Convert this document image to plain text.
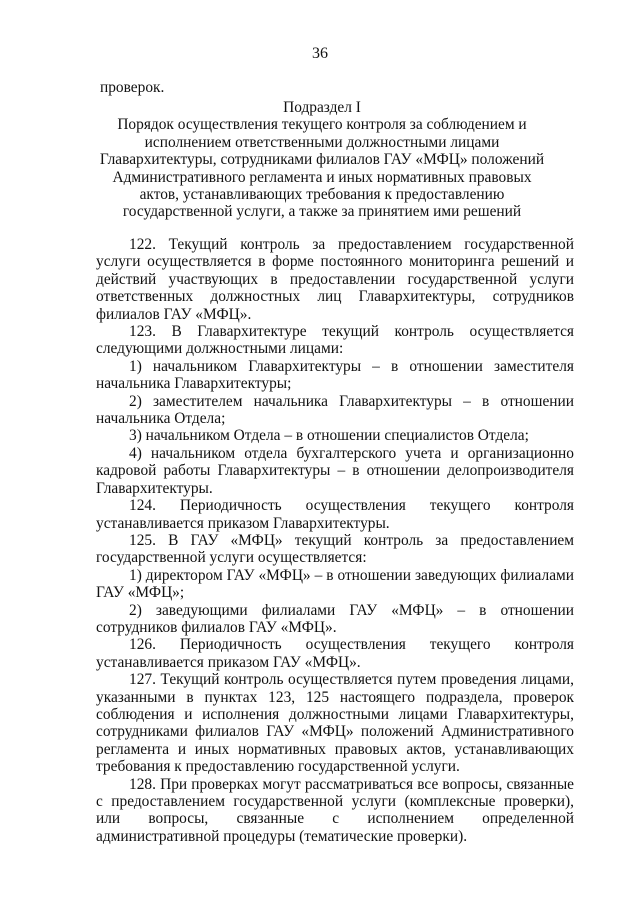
36
проверок.
Подраздел I
Порядок осуществления текущего контроля за соблюдением и исполнением ответственными должностными лицами Главархитектуры, сотрудниками филиалов ГАУ «МФЦ» положений Административного регламента и иных нормативных правовых актов, устанавливающих требования к предоставлению государственной услуги, а также за принятием ими решений

122. Текущий контроль за предоставлением государственной услуги осуществляется в форме постоянного мониторинга решений и действий участвующих в предоставлении государственной услуги ответственных должностных лиц Главархитектуры, сотрудников филиалов ГАУ «МФЦ».

123. В Главархитектуре текущий контроль осуществляется следующими должностными лицами:

1) начальником Главархитектуры – в отношении заместителя начальника Главархитектуры;

2) заместителем начальника Главархитектуры – в отношении начальника Отдела;

3) начальником Отдела – в отношении специалистов Отдела;

4) начальником отдела бухгалтерского учета и организационно кадровой работы Главархитектуры – в отношении делопроизводителя Главархитектуры.

124. Периодичность осуществления текущего контроля устанавливается приказом Главархитектуры.

125. В ГАУ «МФЦ» текущий контроль за предоставлением государственной услуги осуществляется:

1) директором ГАУ «МФЦ» – в отношении заведующих филиалами ГАУ «МФЦ»;

2) заведующими филиалами ГАУ «МФЦ» – в отношении сотрудников филиалов ГАУ «МФЦ».

126. Периодичность осуществления текущего контроля устанавливается приказом ГАУ «МФЦ».

127. Текущий контроль осуществляется путем проведения лицами, указанными в пунктах 123, 125 настоящего подраздела, проверок соблюдения и исполнения должностными лицами Главархитектуры, сотрудниками филиалов ГАУ «МФЦ» положений Административного регламента и иных нормативных правовых актов, устанавливающих требования к предоставлению государственной услуги.

128. При проверках могут рассматриваться все вопросы, связанные с предоставлением государственной услуги (комплексные проверки), или вопросы, связанные с исполнением определенной административной процедуры (тематические проверки).
